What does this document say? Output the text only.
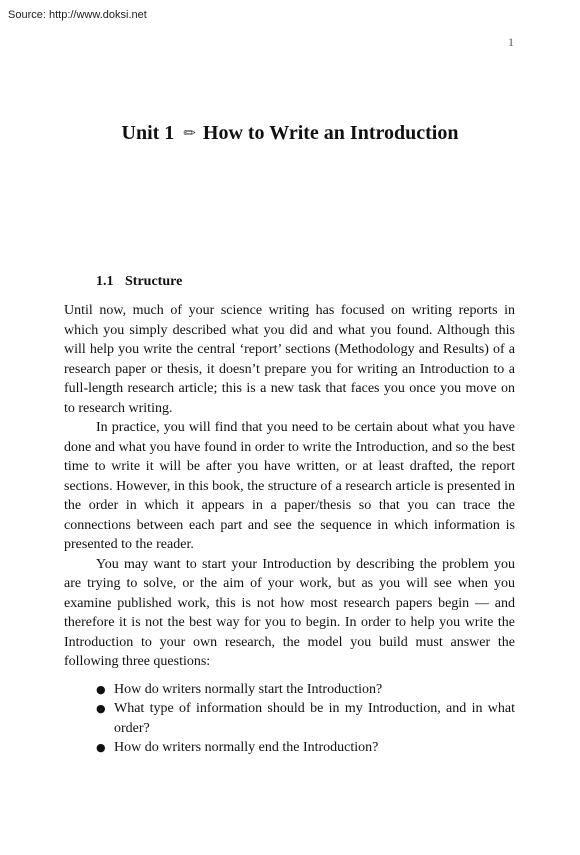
Source: http://www.doksi.net
1
Unit 1 ✏ How to Write an Introduction
1.1 Structure

Until now, much of your science writing has focused on writing reports in which you simply described what you did and what you found. Although this will help you write the central ‘report’ sections (Methodology and Results) of a research paper or thesis, it doesn’t prepare you for writing an Introduction to a full-length research article; this is a new task that faces you once you move on to research writing.

In practice, you will find that you need to be certain about what you have done and what you have found in order to write the Introduction, and so the best time to write it will be after you have written, or at least drafted, the report sections. However, in this book, the structure of a research article is presented in the order in which it appears in a paper/thesis so that you can trace the connections between each part and see the sequence in which information is presented to the reader.

You may want to start your Introduction by describing the problem you are trying to solve, or the aim of your work, but as you will see when you examine published work, this is not how most research papers begin — and therefore it is not the best way for you to begin. In order to help you write the Introduction to your own research, the model you build must answer the following three questions:

● How do writers normally start the Introduction?
● What type of information should be in my Introduction, and in what order?
● How do writers normally end the Introduction?
